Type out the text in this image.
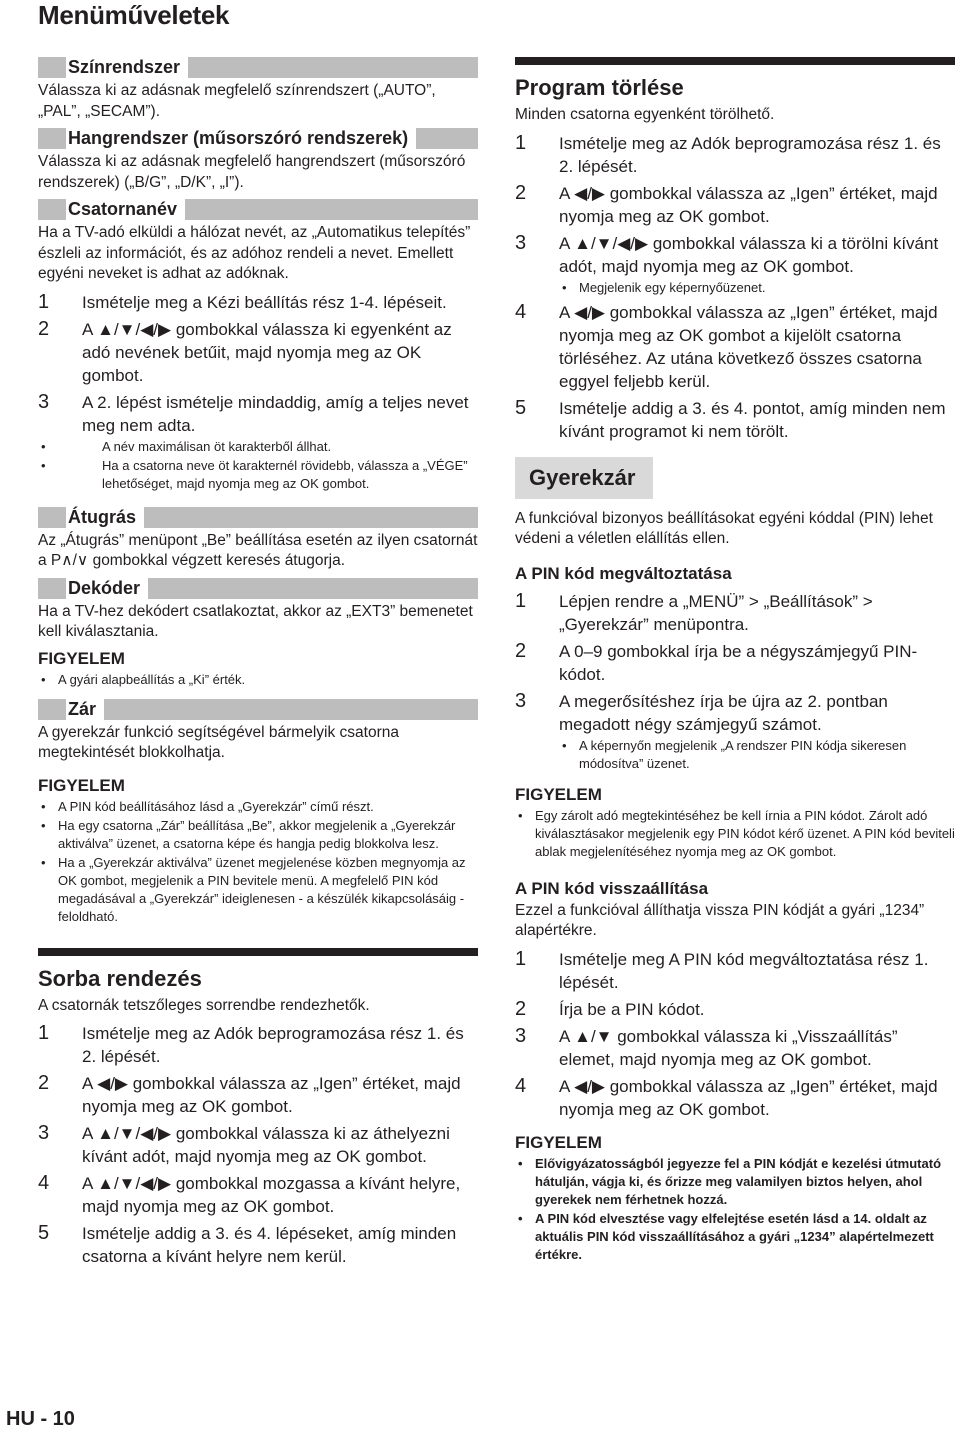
Menüműveletek
Színrendszer

Válassza ki az adásnak megfelelő színrendszert („AUTO”, „PAL”, „SECAM”).

Hangrendszer (műsorszóró rendszerek)

Válassza ki az adásnak megfelelő hangrendszert (műsorszóró rendszerek) („B/G”, „D/K”, „I”).

Csatornanév

Ha a TV-adó elküldi a hálózat nevét, az „Automatikus telepítés” észleli az információt, és az adóhoz rendeli a nevet. Emellett egyéni neveket is adhat az adóknak.

1 Ismételje meg a Kézi beállítás rész 1-4. lépéseit.
2 A ▲/▼/◀/▶ gombokkal válassza ki egyenként az adó nevének betűit, majd nyomja meg az OK gombot.
3 A 2. lépést ismételje mindaddig, amíg a teljes nevet meg nem adta.
• A név maximálisan öt karakterből állhat.
• Ha a csatorna neve öt karakternél rövidebb, válassza a „VÉGE” lehetőséget, majd nyomja meg az OK gombot.
Átugrás

Az „Átugrás” menüpont „Be” beállítása esetén az ilyen csatornát a P∧/∨ gombokkal végzett keresés átugorja.

Dekóder

Ha a TV-hez dekódert csatlakoztat, akkor az „EXT3” bemenetet kell kiválasztania.

FIGYELEM
• A gyári alapbeállítás a „Ki” érték.
Zár

A gyerekzár funkció segítségével bármelyik csatorna megtekintését blokkolhatja.

FIGYELEM
• A PIN kód beállításához lásd a „Gyerekzár” című részt.
• Ha egy csatorna „Zár” beállítása „Be”, akkor megjelenik a „Gyerekzár aktiválva” üzenet, a csatorna képe és hangja pedig blokkolva lesz.
• Ha a „Gyerekzár aktiválva” üzenet megjelenése közben megnyomja az OK gombot, megjelenik a PIN bevitele menü. A megfelelő PIN kód megadásával a „Gyerekzár” ideiglenesen - a készülék kikapcsolásáig - feloldható.
Sorba rendezés

A csatornák tetszőleges sorrendbe rendezhetők.

1 Ismételje meg az Adók beprogramozása rész 1. és 2. lépését.
2 A ◀/▶ gombokkal válassza az „Igen” értéket, majd nyomja meg az OK gombot.
3 A ▲/▼/◀/▶ gombokkal válassza ki az áthelyezni kívánt adót, majd nyomja meg az OK gombot.
4 A ▲/▼/◀/▶ gombokkal mozgassa a kívánt helyre, majd nyomja meg az OK gombot.
5 Ismételje addig a 3. és 4. lépéseket, amíg minden csatorna a kívánt helyre nem kerül.
Program törlése

Minden csatorna egyenként törölhető.

1 Ismételje meg az Adók beprogramozása rész 1. és 2. lépését.
2 A ◀/▶ gombokkal válassza az „Igen” értéket, majd nyomja meg az OK gombot.
3 A ▲/▼/◀/▶ gombokkal válassza ki a törölni kívánt adót, majd nyomja meg az OK gombot.
• Megjelenik egy képernyőüzenet.
4 A ◀/▶ gombokkal válassza az „Igen” értéket, majd nyomja meg az OK gombot a kijelölt csatorna törléséhez. Az utána következő összes csatorna eggyel feljebb kerül.
5 Ismételje addig a 3. és 4. pontot, amíg minden nem kívánt programot ki nem törölt.
Gyerekzár

A funkcióval bizonyos beállításokat egyéni kóddal (PIN) lehet védeni a véletlen elállítás ellen.

A PIN kód megváltoztatása
1 Lépjen rendre a „MENÜ” > „Beállítások” > „Gyerekzár” menüpontra.
2 A 0–9 gombokkal írja be a négyszámjegyű PIN-kódot.
3 A megerősítéshez írja be újra az 2. pontban megadott négy számjegyű számot.
• A képernyőn megjelenik „A rendszer PIN kódja sikeresen módosítva” üzenet.
FIGYELEM
• Egy zárolt adó megtekintéséhez be kell írnia a PIN kódot. Zárolt adó kiválasztásakor megjelenik egy PIN kódot kérő üzenet. A PIN kód beviteli ablak megjelenítéséhez nyomja meg az OK gombot.
A PIN kód visszaállítása

Ezzel a funkcióval állíthatja vissza PIN kódját a gyári „1234” alapértékre.

1 Ismételje meg A PIN kód megváltoztatása rész 1. lépését.
2 Írja be a PIN kódot.
3 A ▲/▼ gombokkal válassza ki „Visszaállítás” elemet, majd nyomja meg az OK gombot.
4 A ◀/▶ gombokkal válassza az „Igen” értéket, majd nyomja meg az OK gombot.
FIGYELEM
• Elővigyázatosságból jegyezze fel a PIN kódját e kezelési útmutató hátulján, vágja ki, és őrizze meg valamilyen biztos helyen, ahol gyerekek nem férhetnek hozzá.
• A PIN kód elvesztése vagy elfelejtése esetén lásd a 14. oldalt az aktuális PIN kód visszaállításához a gyári „1234” alapértelmezett értékre.
HU - 10
